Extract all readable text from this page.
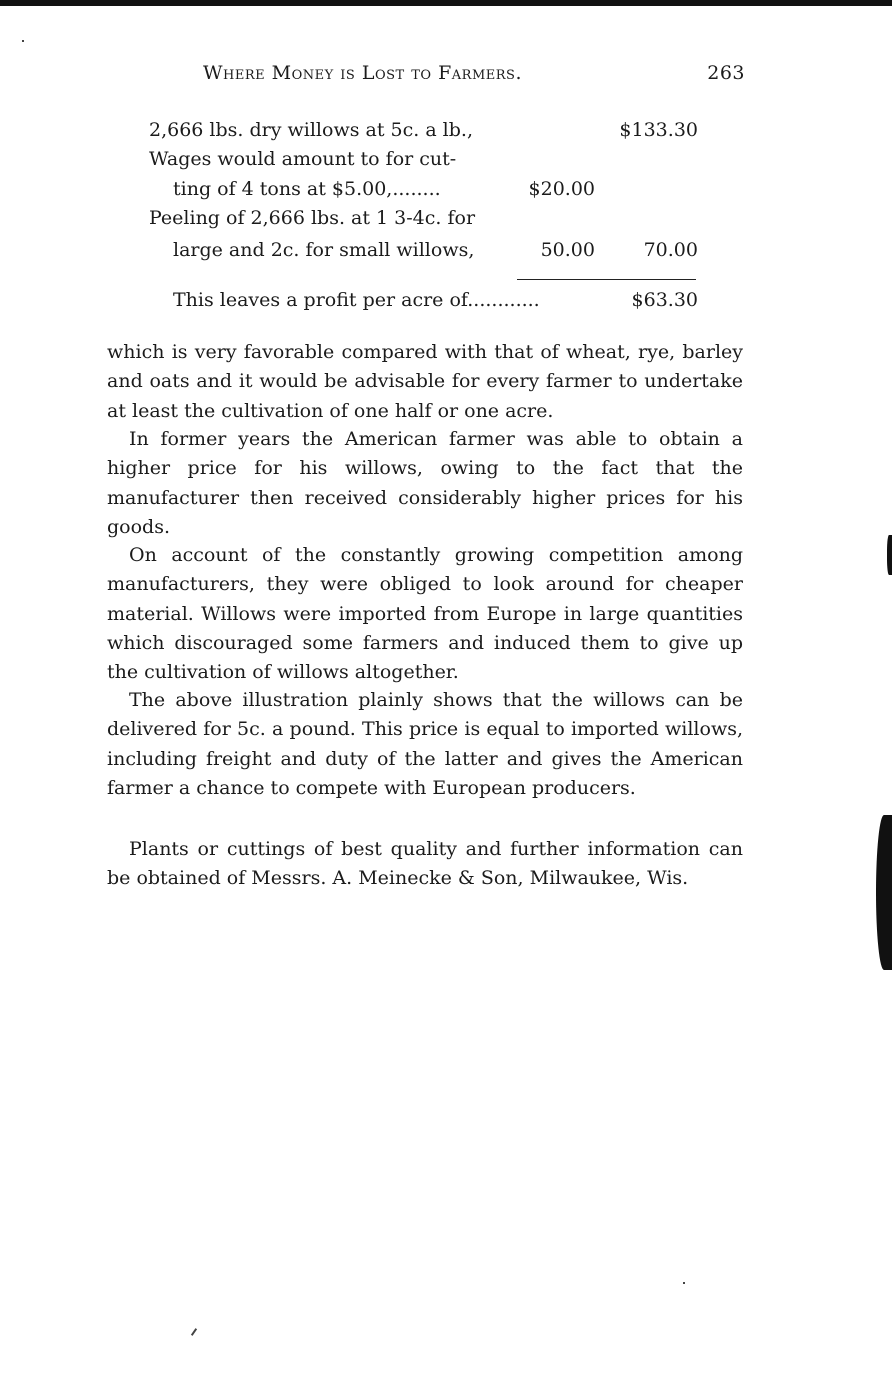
Where Money is Lost to Farmers.	263
2,666 lbs. dry willows at 5c. a lb.,	$133.30
Wages would amount to for cut-
ting of 4 tons at $5.00,........	$20.00
Peeling of 2,666 lbs. at 1 3-4c. for
large and 2c. for small willows,	50.00	70.00
This leaves a profit per acre of............	$63.30

which is very favorable compared with that of wheat, rye, barley and oats and it would be advisable for every farmer to undertake at least the cultivation of one half or one acre.

In former years the American farmer was able to obtain a higher price for his willows, owing to the fact that the manufacturer then received considerably higher prices for his goods.

On account of the constantly growing competition among manufacturers, they were obliged to look around for cheaper material. Willows were imported from Europe in large quantities which discouraged some farmers and induced them to give up the cultivation of willows altogether.

The above illustration plainly shows that the willows can be delivered for 5c. a pound. This price is equal to imported willows, including freight and duty of the latter and gives the American farmer a chance to compete with European producers.

Plants or cuttings of best quality and further information can be obtained of Messrs. A. Meinecke & Son, Milwaukee, Wis.
